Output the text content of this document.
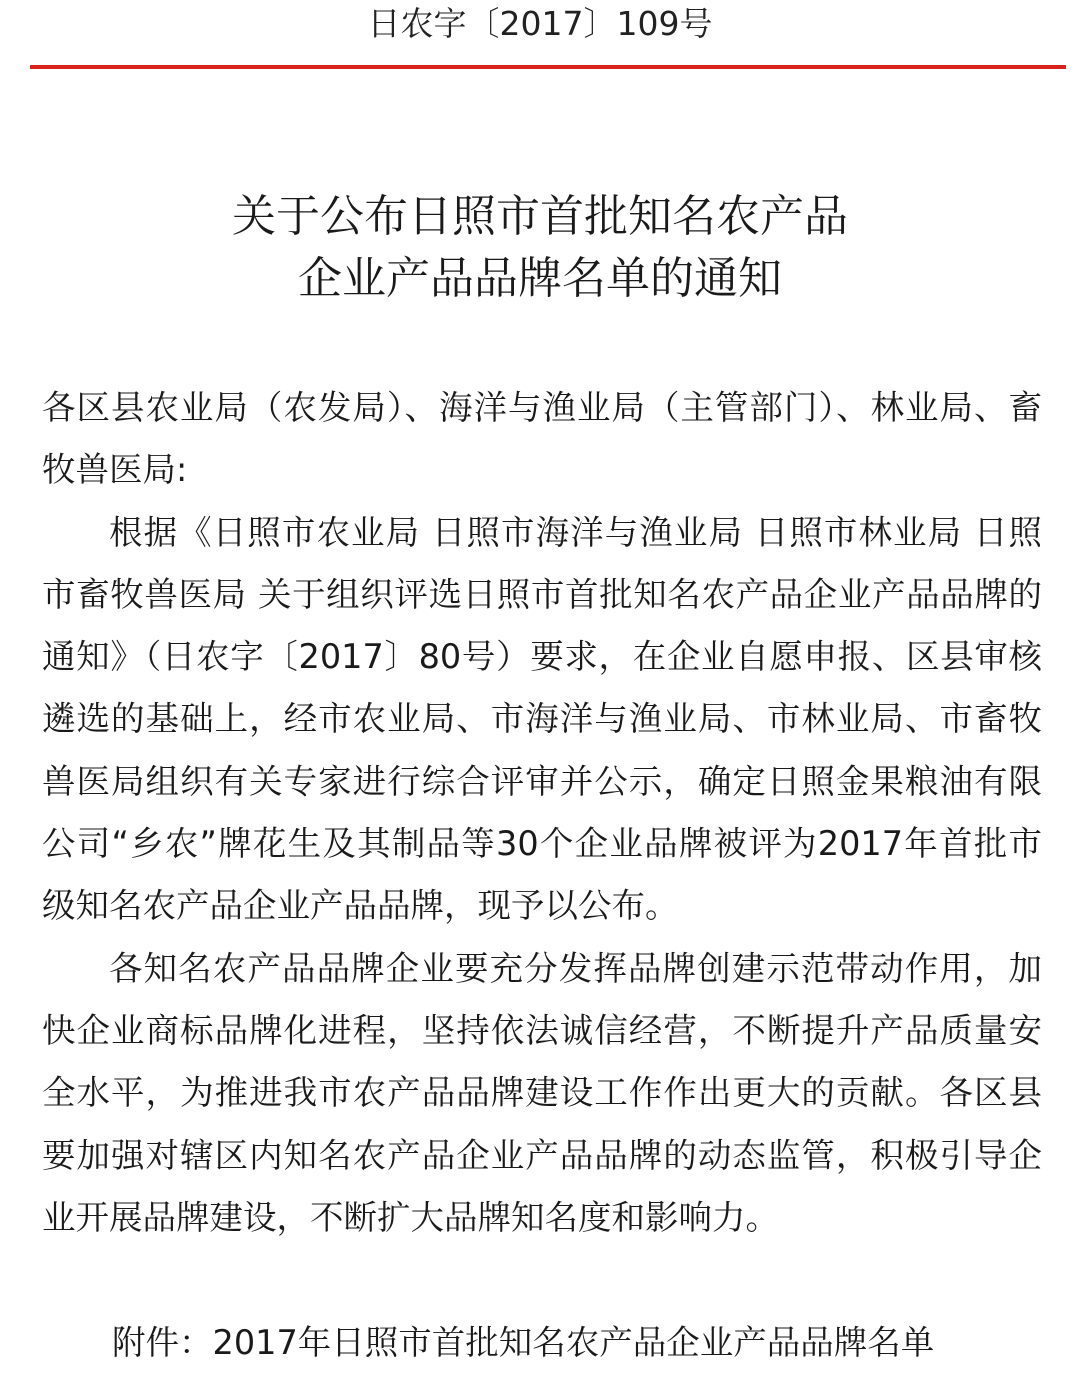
日农字〔2017〕109号
关于公布日照市首批知名农产品
企业产品品牌名单的通知

各区县农业局（农发局）、海洋与渔业局（主管部门）、林业局、畜牧兽医局:

根据《日照市农业局 日照市海洋与渔业局 日照市林业局 日照市畜牧兽医局 关于组织评选日照市首批知名农产品企业产品品牌的通知》（日农字〔2017〕80号）要求，在企业自愿申报、区县审核遴选的基础上，经市农业局、市海洋与渔业局、市林业局、市畜牧兽医局组织有关专家进行综合评审并公示，确定日照金果粮油有限公司“乡农”牌花生及其制品等30个企业品牌被评为2017年首批市级知名农产品企业产品品牌，现予以公布。

各知名农产品品牌企业要充分发挥品牌创建示范带动作用，加快企业商标品牌化进程，坚持依法诚信经营，不断提升产品质量安全水平，为推进我市农产品品牌建设工作作出更大的贡献。各区县要加强对辖区内知名农产品企业产品品牌的动态监管，积极引导企业开展品牌建设，不断扩大品牌知名度和影响力。

附件：2017年日照市首批知名农产品企业产品品牌名单
